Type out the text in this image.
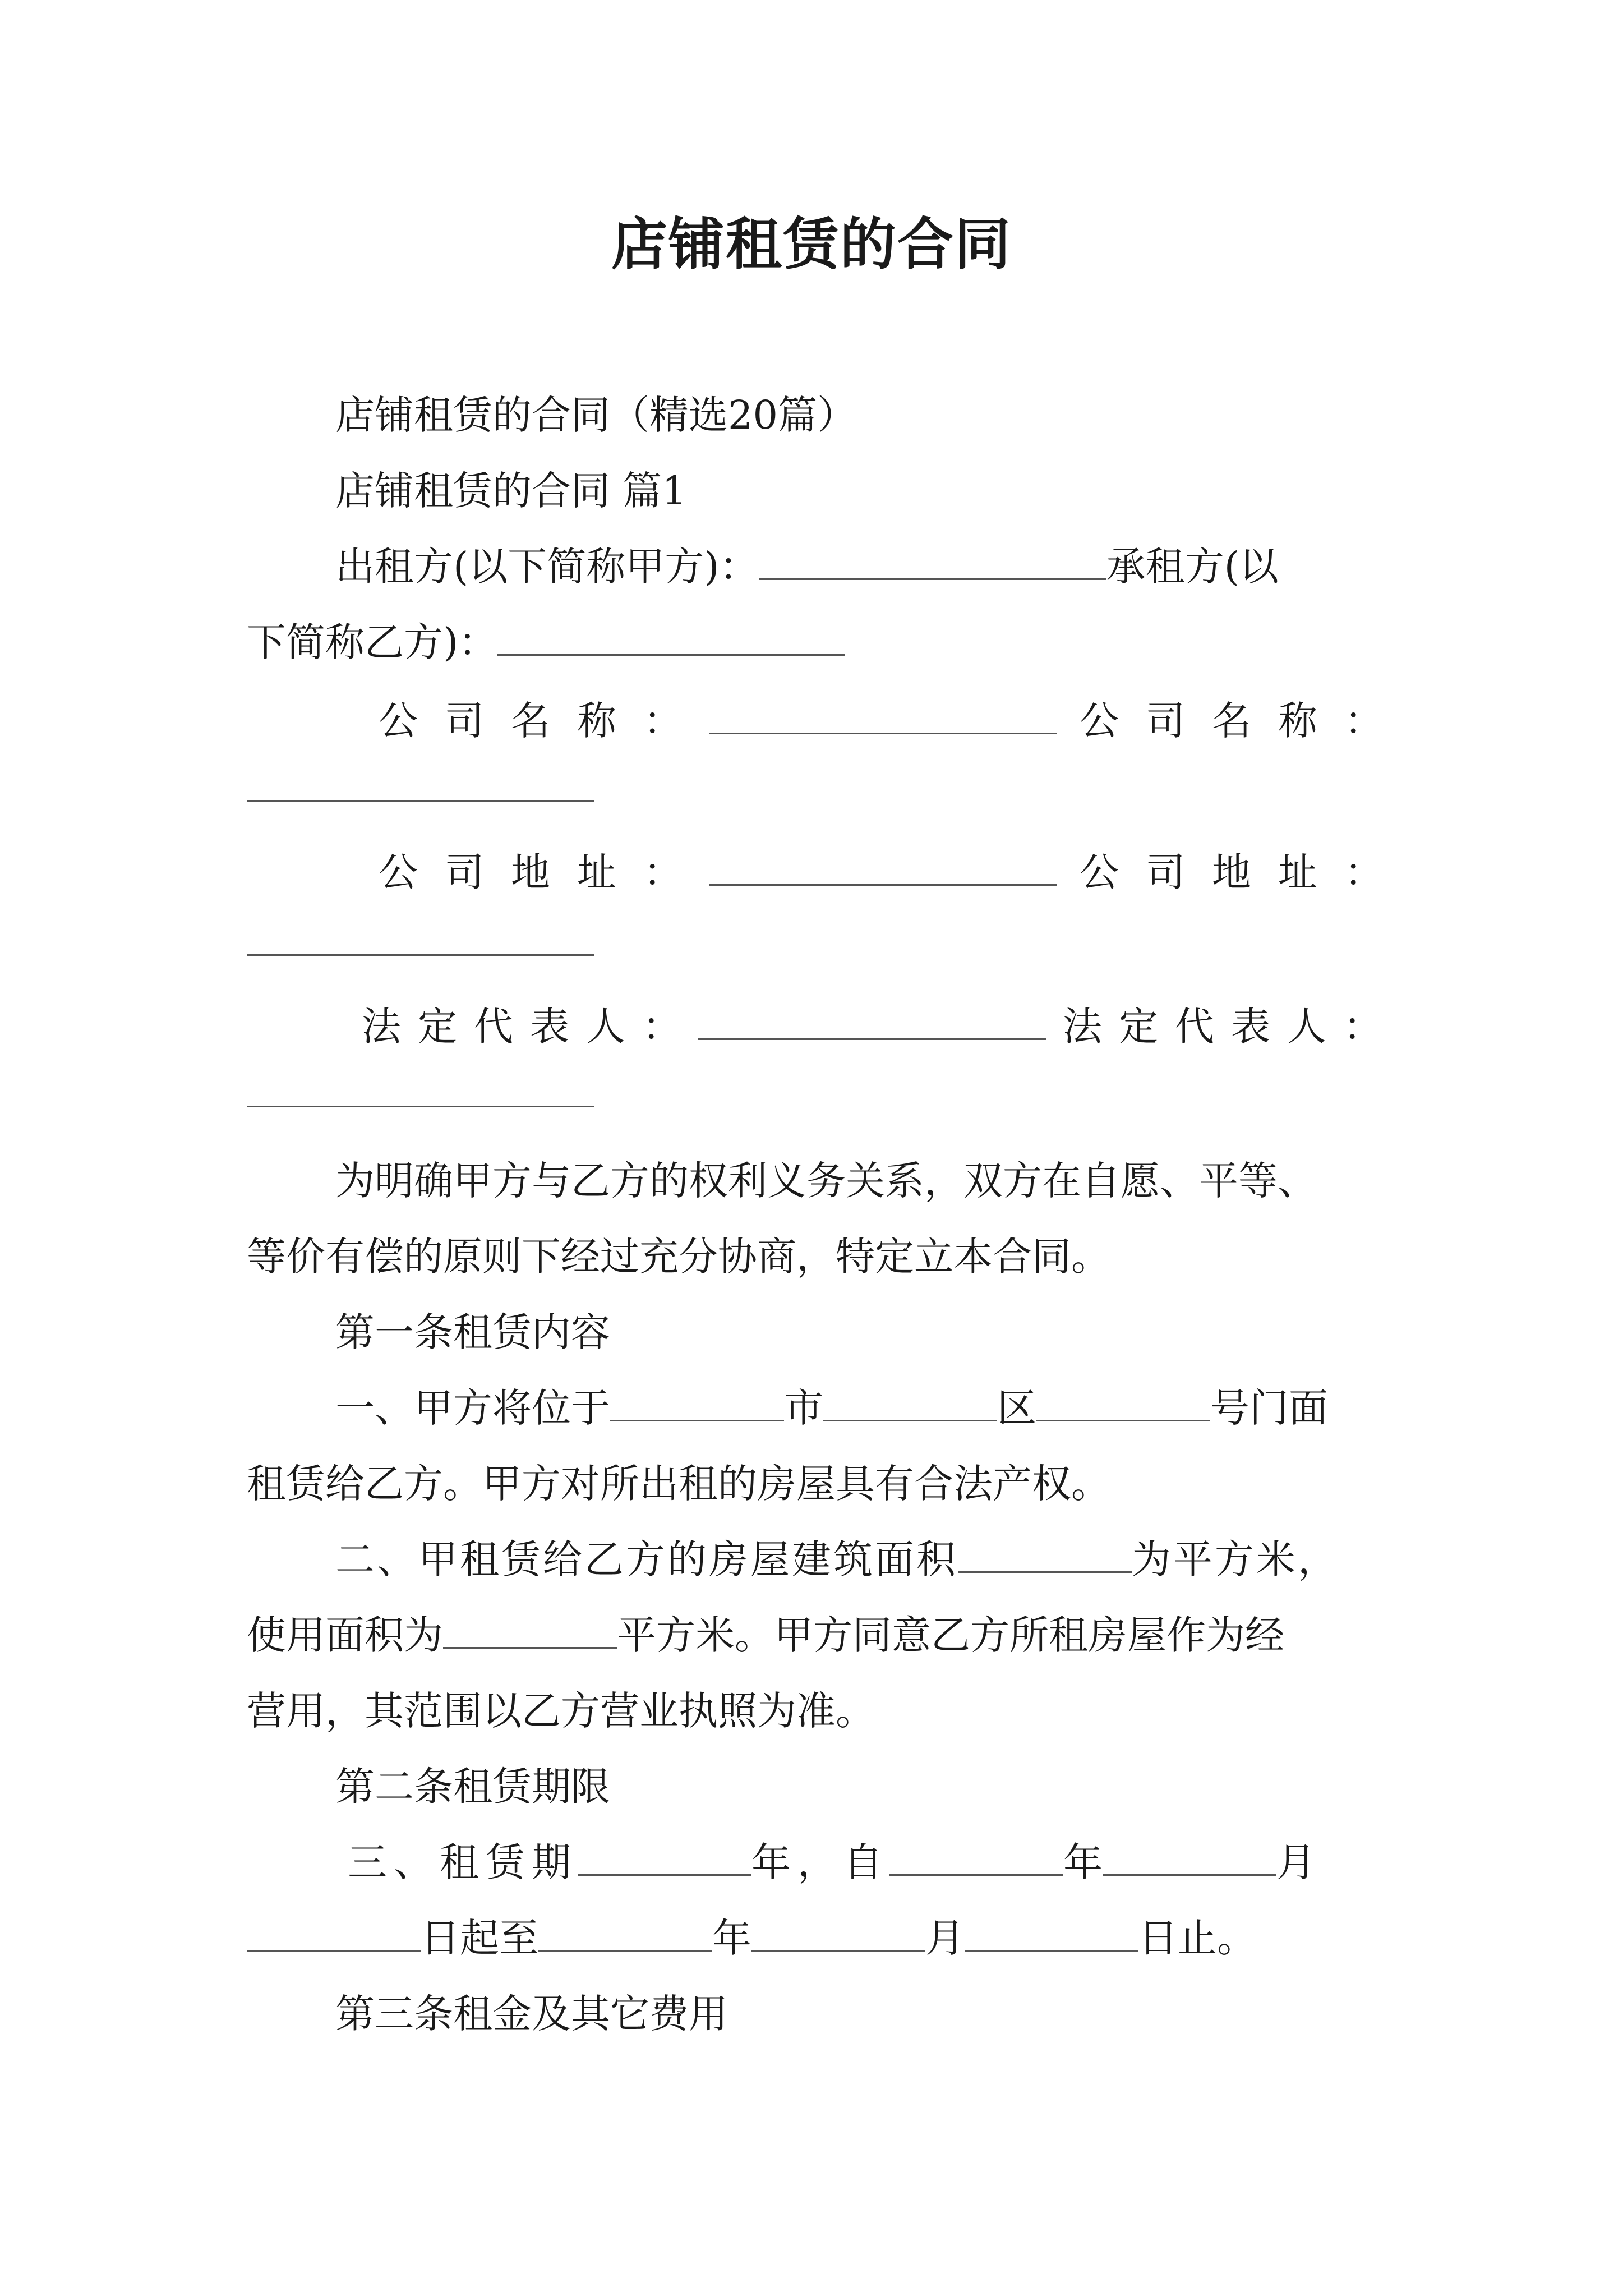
店铺租赁的合同
店铺租赁的合同（精选20篇）
店铺租赁的合同 篇1
出租方(以下简称甲方)：	承租方(以
下简称乙方)：
公司名称：	公司名称：
公司地址：	公司地址：
法定代表人：	法定代表人：
为明确甲方与乙方的权利义务关系，双方在自愿、平等、
等价有偿的原则下经过充分协商，特定立本合同。
第一条租赁内容
一、甲方将位于	市	区	号门面
租赁给乙方。甲方对所出租的房屋具有合法产权。
二、甲租赁给乙方的房屋建筑面积	为平方米，
使用面积为	平方米。甲方同意乙方所租房屋作为经
营用，其范围以乙方营业执照为准。
第二条租赁期限
三、租赁期	年，自	年	月
日起至	年	月	日止。
第三条租金及其它费用
